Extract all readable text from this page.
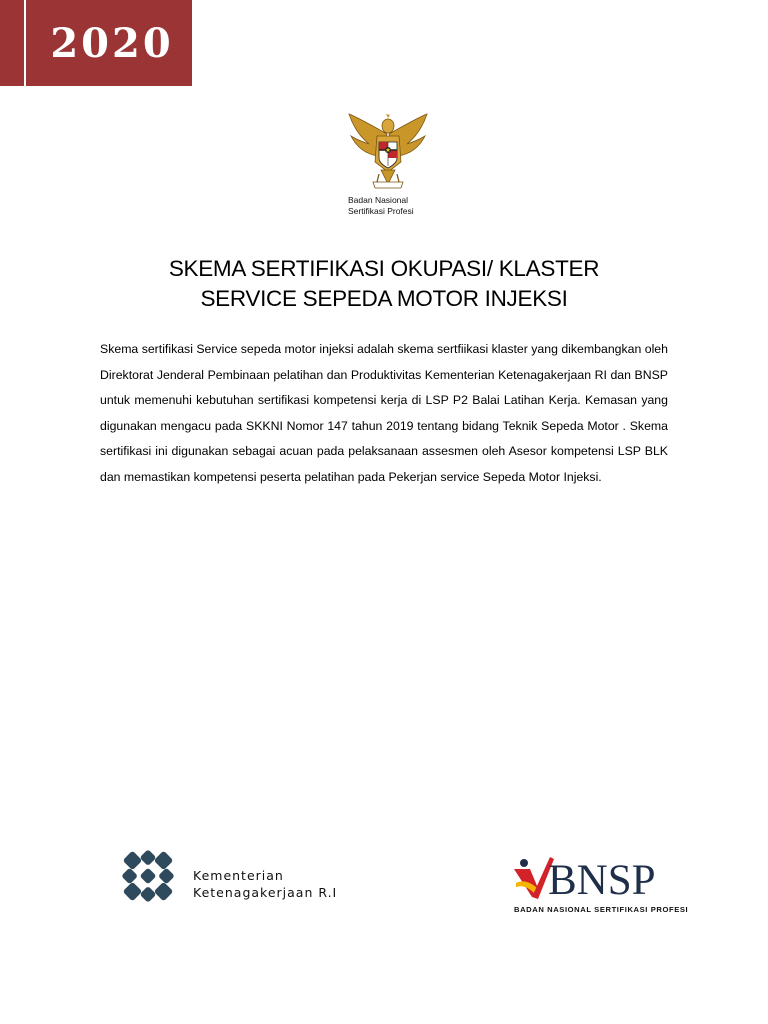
2020
Badan Nasional
Sertifikasi Profesi
SKEMA SERTIFIKASI OKUPASI/ KLASTER
SERVICE SEPEDA MOTOR INJEKSI

Skema sertifikasi Service sepeda motor injeksi adalah skema sertfiikasi klaster yang dikembangkan oleh Direktorat Jenderal Pembinaan pelatihan dan Produktivitas Kementerian Ketenagakerjaan RI dan BNSP untuk memenuhi kebutuhan sertifikasi kompetensi kerja di LSP P2 Balai Latihan Kerja. Kemasan yang digunakan mengacu pada SKKNI Nomor 147 tahun 2019 tentang bidang Teknik Sepeda Motor . Skema sertifikasi ini digunakan sebagai acuan pada pelaksanaan assesmen oleh Asesor kompetensi LSP BLK dan memastikan kompetensi peserta pelatihan pada Pekerjan service Sepeda Motor Injeksi.

Kementerian
Ketenagakerjaan R.I	BNSP
BADAN NASIONAL SERTIFIKASI PROFESI
